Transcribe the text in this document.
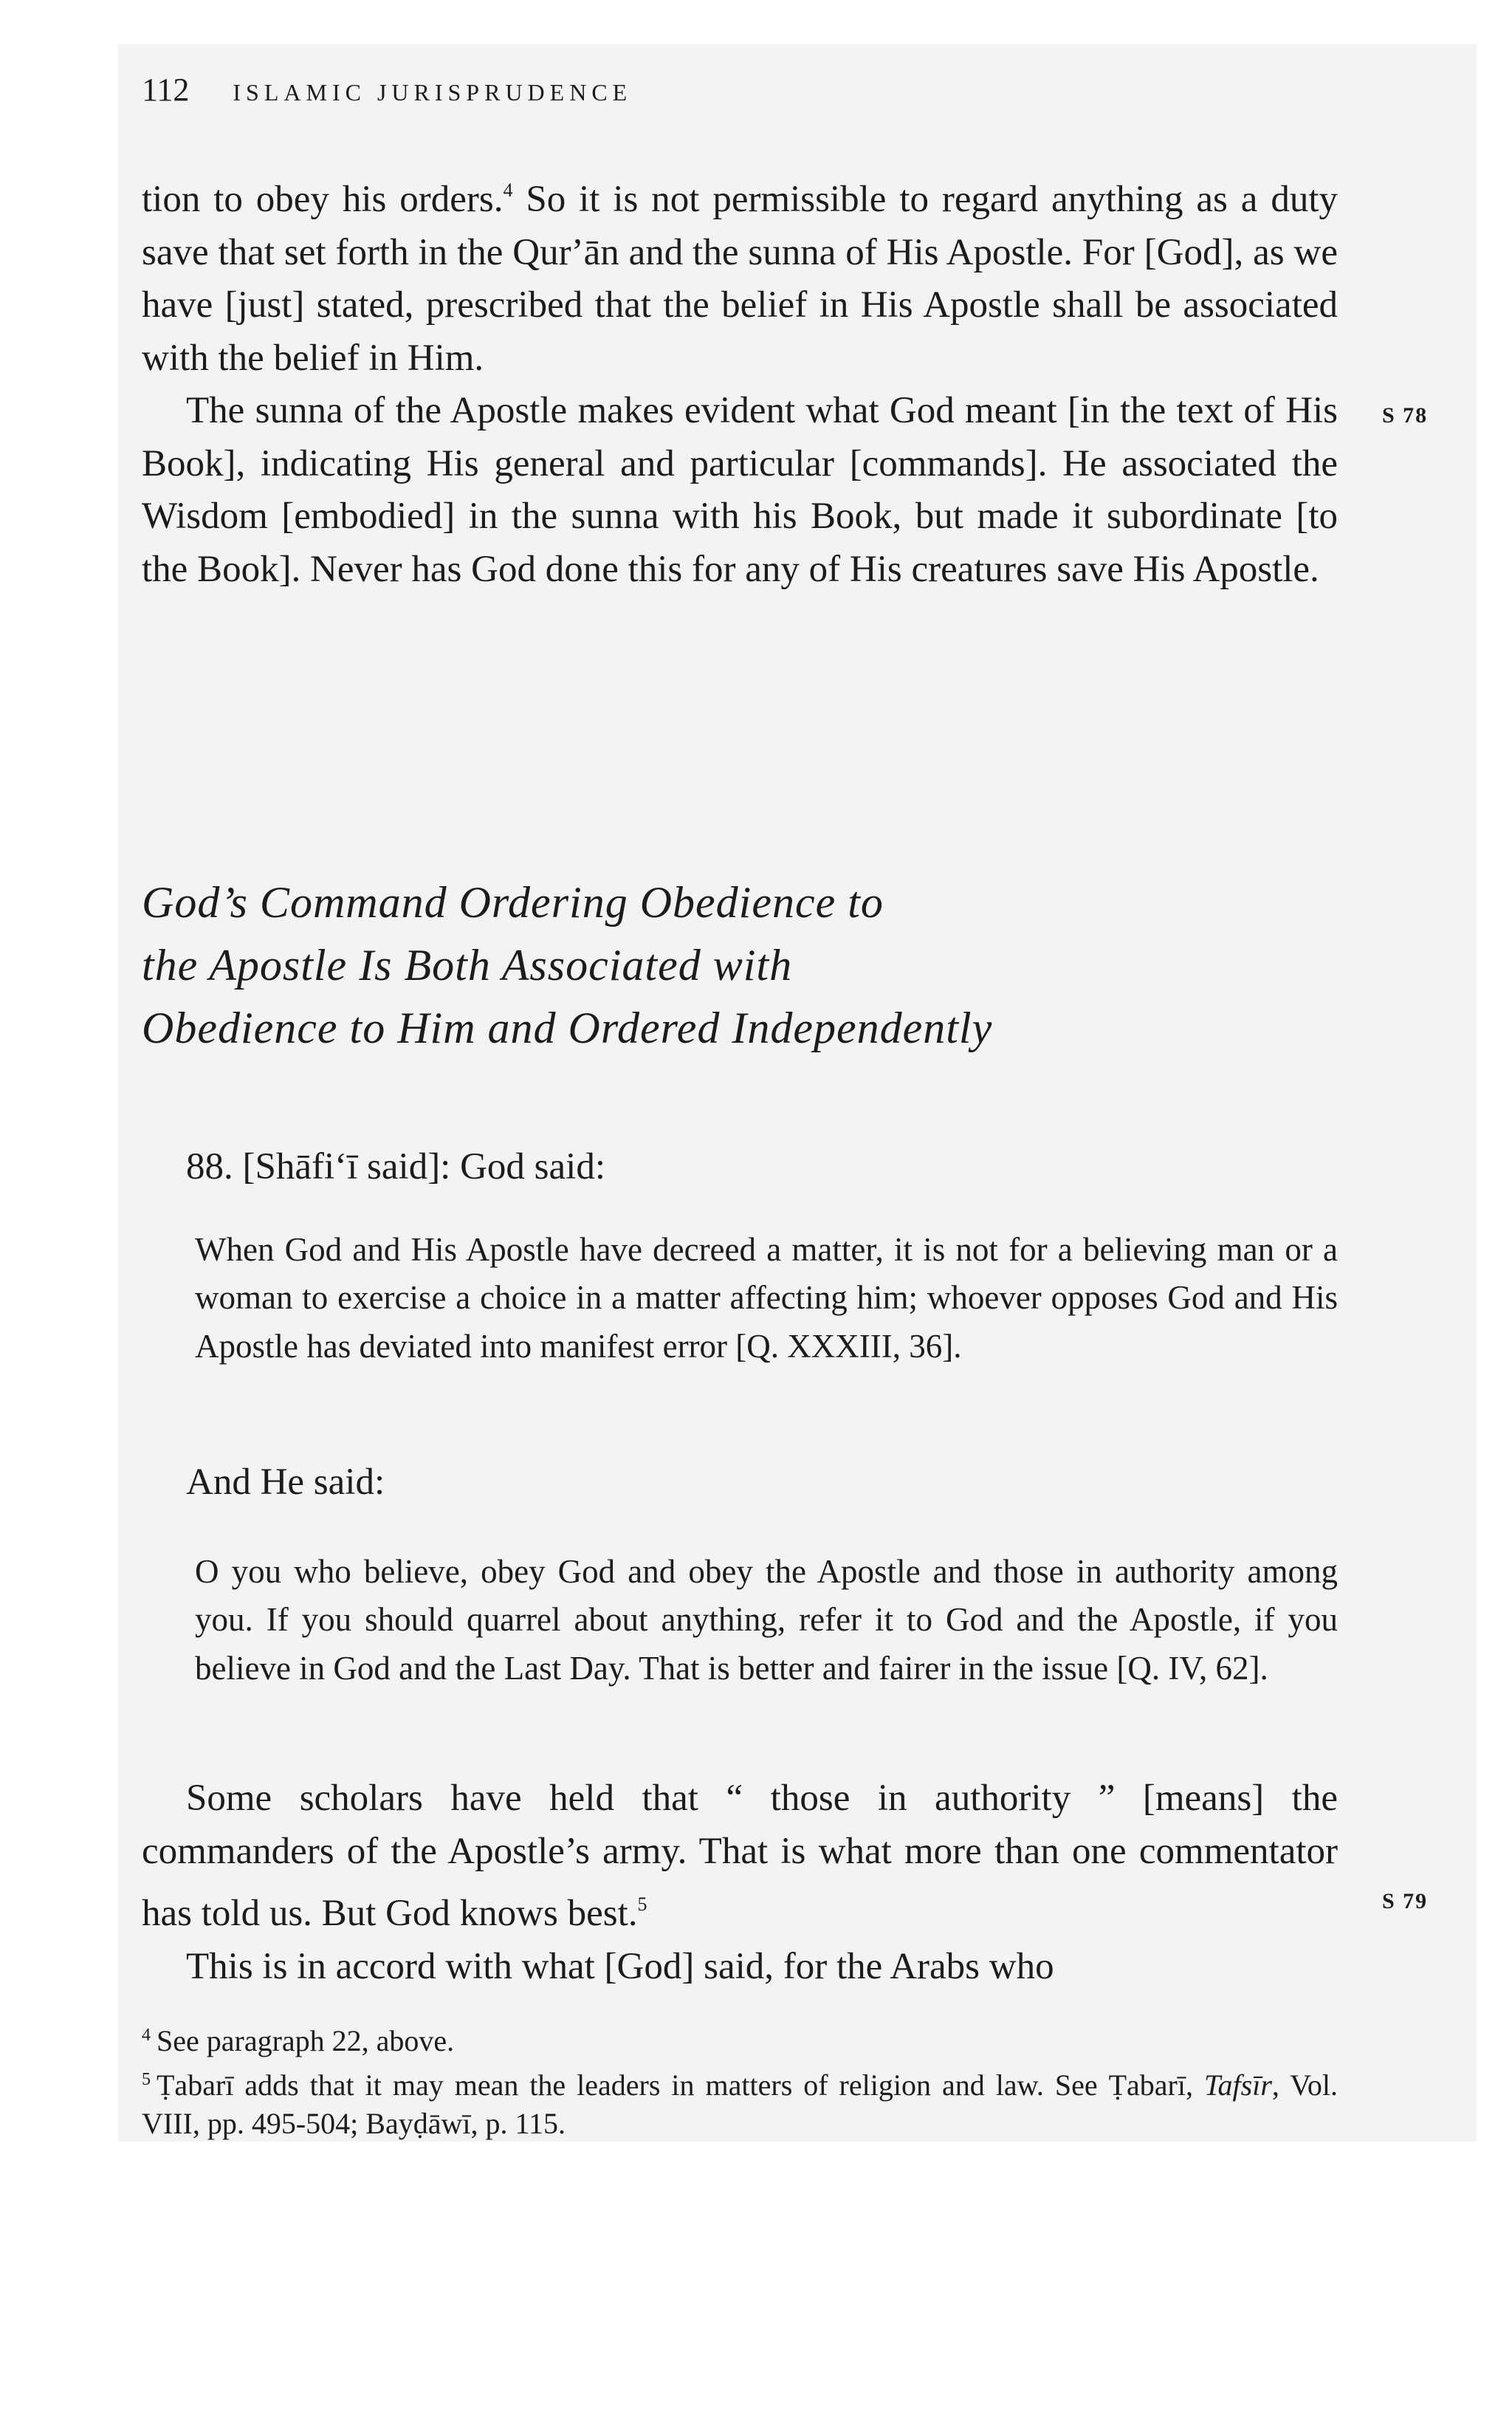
112 ISLAMIC JURISPRUDENCE

tion to obey his orders.$^4$ So it is not permissible to regard anything as a duty save that set forth in the Qurʼān and the sunna of His Apostle. For [God], as we have [just] stated, prescribed that the belief in His Apostle shall be associated with the belief in Him.

The sunna of the Apostle makes evident what God meant [in the text of His Book], indicating His general and particular [commands]. He associated the Wisdom [embodied] in the sunna with his Book, but made it subordinate [to the Book]. Never has God done this for any of His creatures save His Apostle.

S 78

God’s Command Ordering Obedience to

the Apostle Is Both Associated with

Obedience to Him and Ordered Independently

88. [Shāfiʻī said]: God said:

When God and His Apostle have decreed a matter, it is not for a believing man or a woman to exercise a choice in a matter affecting him; whoever opposes God and His Apostle has deviated into manifest error [Q. XXXIII, 36].

And He said:

O you who believe, obey God and obey the Apostle and those in authority among you. If you should quarrel about anything, refer it to God and the Apostle, if you believe in God and the Last Day. That is better and fairer in the issue [Q. IV, 62].

Some scholars have held that “ those in authority ” [means] the commanders of the Apostle’s army. That is what more than one commentator has told us. But God knows best.$^5$

This is in accord with what [God] said, for the Arabs who

S 79

$^4$ See paragraph 22, above.

$^5$ Ṭabarī adds that it may mean the leaders in matters of religion and law. See Ṭabarī, Tafsīr, Vol. VIII, pp. 495-504; Bayḍāwī, p. 115.
